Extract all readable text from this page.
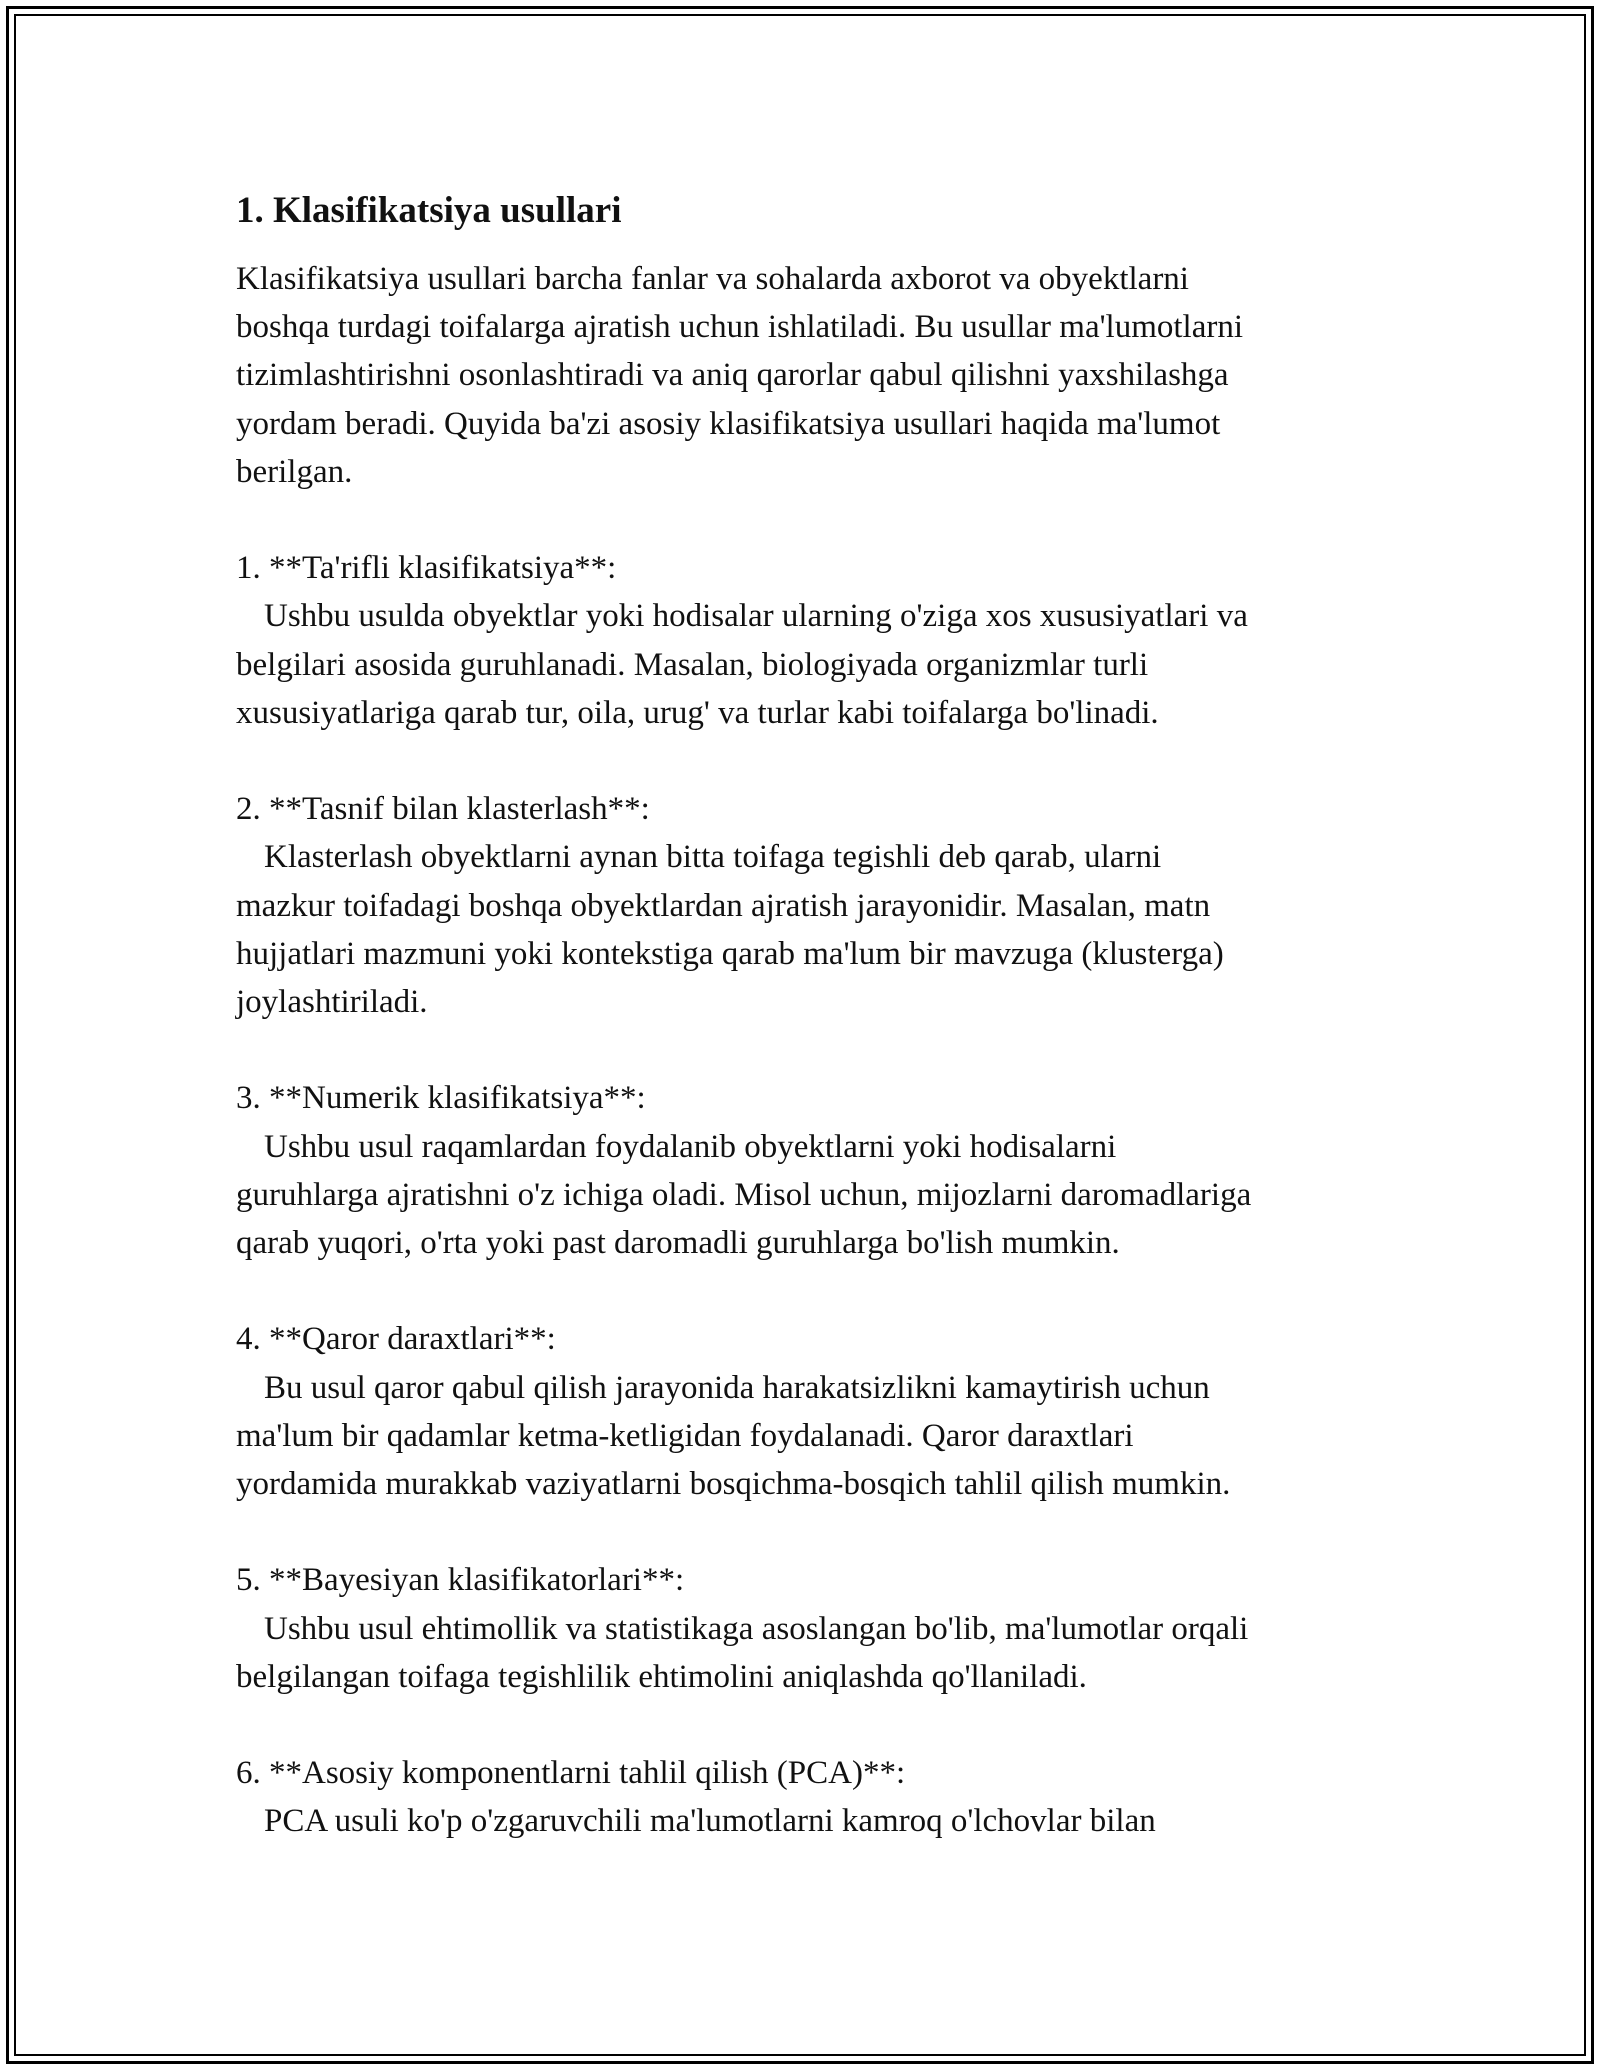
1. Klasifikatsiya usullari

Klasifikatsiya usullari barcha fanlar va sohalarda axborot va obyektlarni
boshqa turdagi toifalarga ajratish uchun ishlatiladi. Bu usullar ma'lumotlarni
tizimlashtirishni osonlashtiradi va aniq qarorlar qabul qilishni yaxshilashga
yordam beradi. Quyida ba'zi asosiy klasifikatsiya usullari haqida ma'lumot
berilgan.

1. **Ta'rifli klasifikatsiya**:

Ushbu usulda obyektlar yoki hodisalar ularning o'ziga xos xususiyatlari va
belgilari asosida guruhlanadi. Masalan, biologiyada organizmlar turli
xususiyatlariga qarab tur, oila, urug' va turlar kabi toifalarga bo'linadi.

2. **Tasnif bilan klasterlash**:

Klasterlash obyektlarni aynan bitta toifaga tegishli deb qarab, ularni
mazkur toifadagi boshqa obyektlardan ajratish jarayonidir. Masalan, matn
hujjatlari mazmuni yoki kontekstiga qarab ma'lum bir mavzuga (klusterga)
joylashtiriladi.

3. **Numerik klasifikatsiya**:

Ushbu usul raqamlardan foydalanib obyektlarni yoki hodisalarni
guruhlarga ajratishni o'z ichiga oladi. Misol uchun, mijozlarni daromadlariga
qarab yuqori, o'rta yoki past daromadli guruhlarga bo'lish mumkin.

4. **Qaror daraxtlari**:

Bu usul qaror qabul qilish jarayonida harakatsizlikni kamaytirish uchun
ma'lum bir qadamlar ketma-ketligidan foydalanadi. Qaror daraxtlari
yordamida murakkab vaziyatlarni bosqichma-bosqich tahlil qilish mumkin.

5. **Bayesiyan klasifikatorlari**:

Ushbu usul ehtimollik va statistikaga asoslangan bo'lib, ma'lumotlar orqali
belgilangan toifaga tegishlilik ehtimolini aniqlashda qo'llaniladi.

6. **Asosiy komponentlarni tahlil qilish (PCA)**:

PCA usuli ko'p o'zgaruvchili ma'lumotlarni kamroq o'lchovlar bilan
